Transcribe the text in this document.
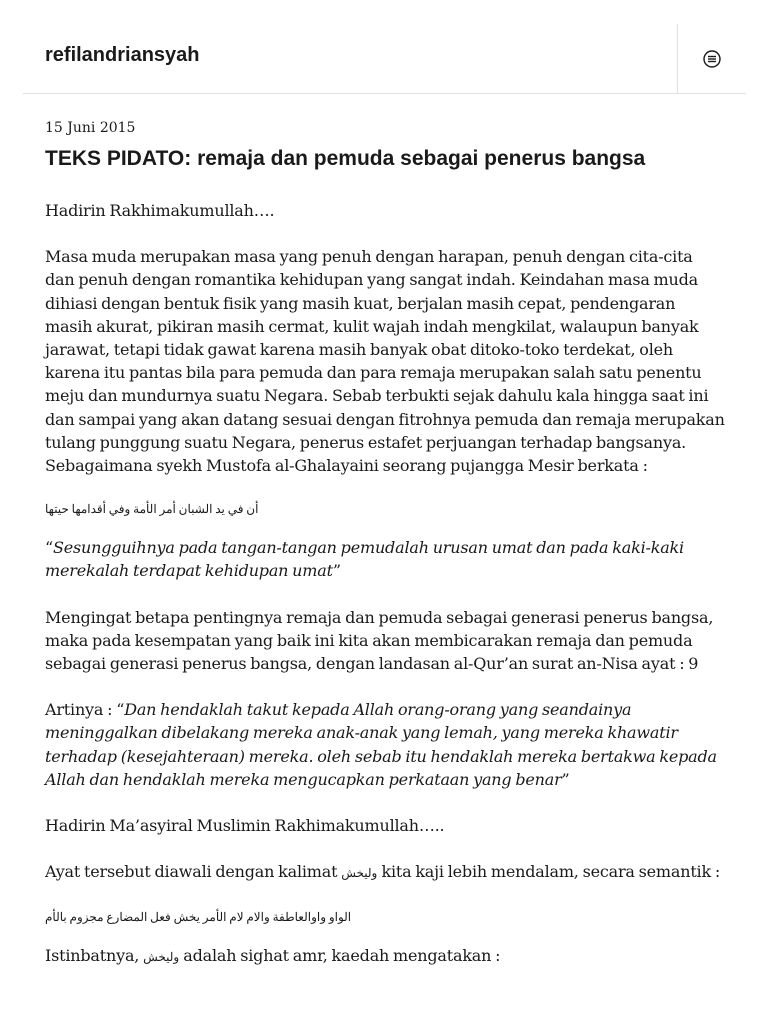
refilandriansyah
15 Juni 2015
TEKS PIDATO: remaja dan pemuda sebagai penerus bangsa

Hadirin Rakhimakumullah….

Masa muda merupakan masa yang penuh dengan harapan, penuh dengan cita-cita dan penuh dengan romantika kehidupan yang sangat indah. Keindahan masa muda dihiasi dengan bentuk fisik yang masih kuat, berjalan masih cepat, pendengaran masih akurat, pikiran masih cermat, kulit wajah indah mengkilat, walaupun banyak jarawat, tetapi tidak gawat karena masih banyak obat ditoko-toko terdekat, oleh karena itu pantas bila para pemuda dan para remaja merupakan salah satu penentu meju dan mundurnya suatu Negara. Sebab terbukti sejak dahulu kala hingga saat ini dan sampai yang akan datang sesuai dengan fitrohnya pemuda dan remaja merupakan tulang punggung suatu Negara, penerus estafet perjuangan terhadap bangsanya. Sebagaimana syekh Mustofa al-Ghalayaini seorang pujangga Mesir berkata :

أن في يد الشبان أمر الأمة وفي أقدامها حيتها

“Sesungguihnya pada tangan-tangan pemudalah urusan umat dan pada kaki-kaki merekalah terdapat kehidupan umat”

Mengingat betapa pentingnya remaja dan pemuda sebagai generasi penerus bangsa, maka pada kesempatan yang baik ini kita akan membicarakan remaja dan pemuda sebagai generasi penerus bangsa, dengan landasan al-Qur’an surat an-Nisa ayat : 9

Artinya : “Dan hendaklah takut kepada Allah orang-orang yang seandainya meninggalkan dibelakang mereka anak-anak yang lemah, yang mereka khawatir terhadap (kesejahteraan) mereka. oleh sebab itu hendaklah mereka bertakwa kepada Allah dan hendaklah mereka mengucapkan perkataan yang benar”

Hadirin Ma’asyiral Muslimin Rakhimakumullah…..

Ayat tersebut diawali dengan kalimat وليخش kita kaji lebih mendalam, secara semantik :

الواو واوالعاطفة والام لام الأمر يخش فعل المضارع مجزوم بالأم

Istinbatnya, وليخش adalah sighat amr, kaedah mengatakan :
